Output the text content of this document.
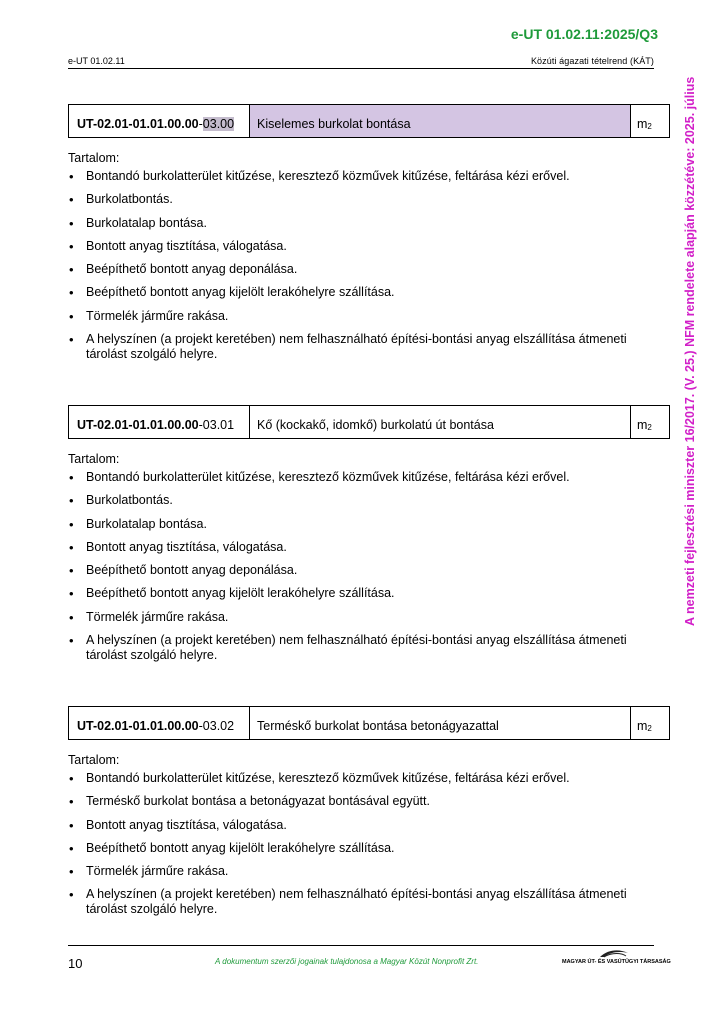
e-UT 01.02.11:2025/Q3
e-UT 01.02.11	Közúti ágazati tételrend (KÁT)
A nemzeti fejlesztési miniszter 16/2017. (V. 25.) NFM rendelete alapján közzétéve: 2025. július
UT-02.01-01.01.00.00 -03.00	Kiselemes burkolat bontása	$m_2$
Tartalom:
• Bontandó burkolatterület kitűzése, keresztező közművek kitűzése, feltárása kézi erővel.
• Burkolatbontás.
• Burkolatalap bontása.
• Bontott anyag tisztítása, válogatása.
• Beépíthető bontott anyag deponálása.
• Beépíthető bontott anyag kijelölt lerakóhelyre szállítása.
• Törmelék járműre rakása.
• A helyszínen (a projekt keretében) nem felhasználható építési-bontási anyag elszállítása átmeneti tárolást szolgáló helyre.
UT-02.01-01.01.00.00 -03.01	Kő (kockakő, idomkő) burkolatú út bontása	$m_2$
Tartalom:
• Bontandó burkolatterület kitűzése, keresztező közművek kitűzése, feltárása kézi erővel.
• Burkolatbontás.
• Burkolatalap bontása.
• Bontott anyag tisztítása, válogatása.
• Beépíthető bontott anyag deponálása.
• Beépíthető bontott anyag kijelölt lerakóhelyre szállítása.
• Törmelék járműre rakása.
• A helyszínen (a projekt keretében) nem felhasználható építési-bontási anyag elszállítása átmeneti tárolást szolgáló helyre.
UT-02.01-01.01.00.00 -03.02	Terméskő burkolat bontása betonágyazattal	$m_2$
Tartalom:
• Bontandó burkolatterület kitűzése, keresztező közművek kitűzése, feltárása kézi erővel.
• Terméskő burkolat bontása a betonágyazat bontásával együtt.
• Bontott anyag tisztítása, válogatása.
• Beépíthető bontott anyag kijelölt lerakóhelyre szállítása.
• Törmelék járműre rakása.
• A helyszínen (a projekt keretében) nem felhasználható építési-bontási anyag elszállítása átmeneti tárolást szolgáló helyre.
10	A dokumentum szerzői jogainak tulajdonosa a Magyar Közút Nonprofit Zrt.	MAGYAR ÚT- ÉS VASÚTÜGYI TÁRSASÁG
